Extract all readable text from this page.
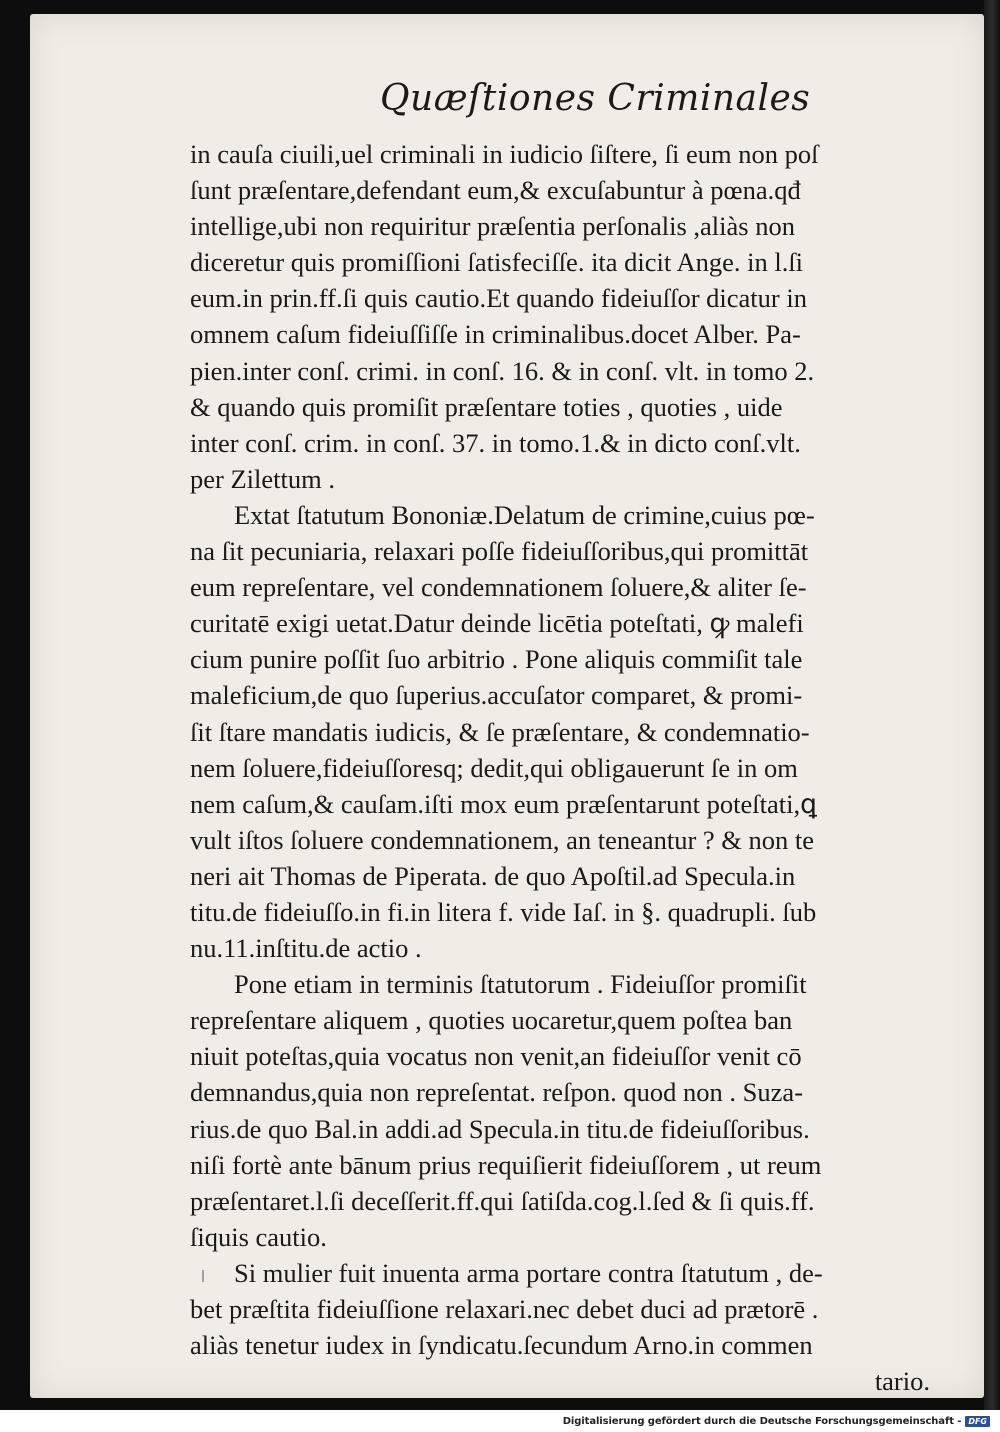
Quæſtiones Criminales
in cauſa ciuili,uel criminali in iudicio ſiſtere, ſi eum non poſ
ſunt præſentare,defendant eum,& excuſabuntur à pœna.qđ
intellige,ubi non requiritur præſentia perſonalis ,aliàs non
diceretur quis promiſſioni ſatisfeciſſe. ita dicit Ange. in l.ſi
eum.in prin.ff.ſi quis cautio.Et quando fideiuſſor dicatur in
omnem caſum fideiuſſiſſe in criminalibus.docet Alber. Pa-
pien.inter conſ. crimi. in conſ. 16. & in conſ. vlt. in tomo 2.
& quando quis promiſit præſentare toties , quoties , uide
inter conſ. crim. in conſ. 37. in tomo.1.& in dicto conſ.vlt.
per Zilettum .
Extat ſtatutum Bononiæ.Delatum de crimine,cuius pœ-
na ſit pecuniaria, relaxari poſſe fideiuſſoribus,qui promittāt
eum repreſentare, vel condemnationem ſoluere,& aliter ſe-
curitatē exigi uetat.Datur deinde licētia poteſtati, ꝙ malefi
cium punire poſſit ſuo arbitrio . Pone aliquis commiſit tale
maleficium,de quo ſuperius.accuſator comparet, & promi-
ſit ſtare mandatis iudicis, & ſe præſentare, & condemnatio-
nem ſoluere,fideiuſſoresq; dedit,qui obligauerunt ſe in om
nem caſum,& cauſam.iſti mox eum præſentarunt poteſtati,ꝗ
vult iſtos ſoluere condemnationem, an teneantur ? & non te
neri ait Thomas de Piperata. de quo Apoſtil.ad Specula.in
titu.de fideiuſſo.in fi.in litera f. vide Iaſ. in §. quadrupli. ſub
nu.11.inſtitu.de actio .
Pone etiam in terminis ſtatutorum . Fideiuſſor promiſit
repreſentare aliquem , quoties uocaretur,quem poſtea ban
niuit poteſtas,quia vocatus non venit,an fideiuſſor venit cō
demnandus,quia non repreſentat. reſpon. quod non . Suza-
rius.de quo Bal.in addi.ad Specula.in titu.de fideiuſſoribus.
niſi fortè ante bānum prius requiſierit fideiuſſorem , ut reum
præſentaret.l.ſi deceſſerit.ff.qui ſatiſda.cog.l.ſed & ſi quis.ff.
ſiquis cautio.
Si mulier fuit inuenta arma portare contra ſtatutum , de-
bet præſtita fideiuſſione relaxari.nec debet duci ad prætorē .
aliàs tenetur iudex in ſyndicatu.ſecundum Arno.in commen
tario.
Digitalisierung gefördert durch die Deutsche Forschungsgemeinschaft - DFG
